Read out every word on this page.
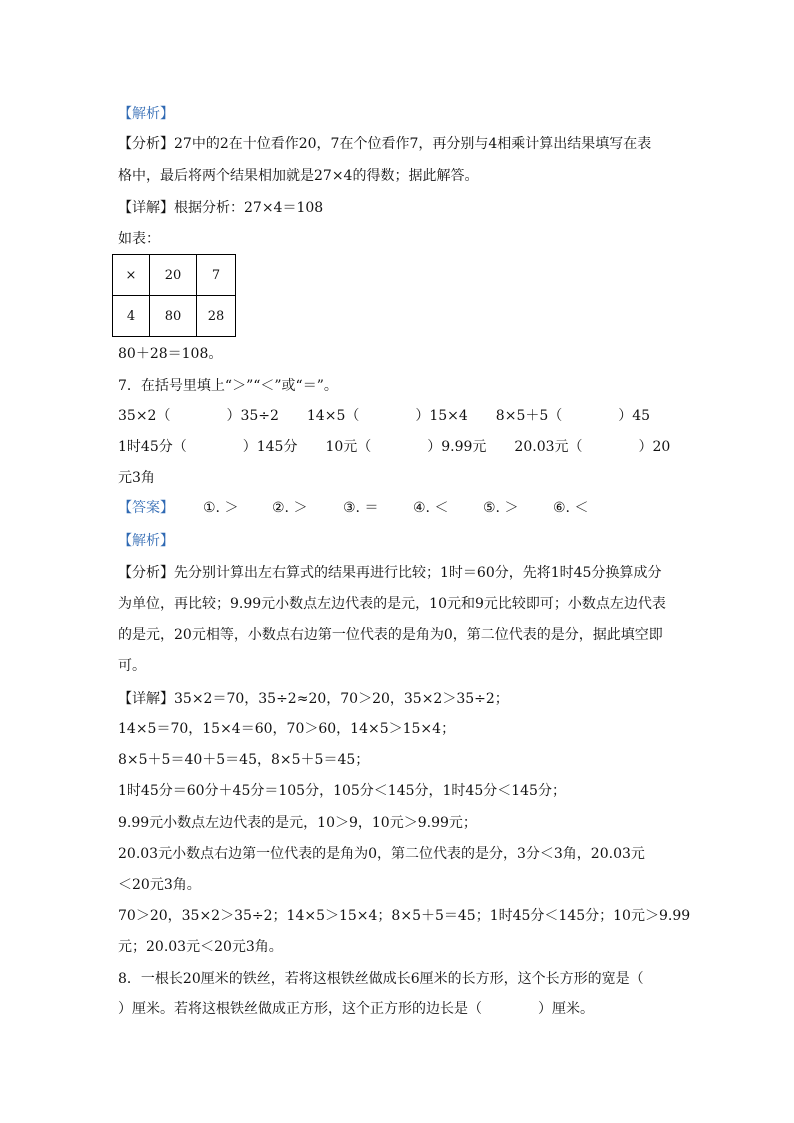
【解析】
【分析】27中的2在十位看作20，7在个位看作7，再分别与4相乘计算出结果填写在表
格中，最后将两个结果相加就是27×4的得数；据此解答。
【详解】根据分析：27×4＝108
如表：
×	20	7
4	80	28
80＋28＝108。
7．在括号里填上“＞”“＜”或“＝”。
35×2（　　　　）35÷2　　14×5（　　　　）15×4　　8×5＋5（　　　　）45
1时45分（　　　　）145分　　10元（　　　　）9.99元　　20.03元（　　　　）20
元3角
【答案】 ①. ＞ ②. ＞	③. ＝ ④. ＜ ⑤. ＞ ⑥. ＜
【解析】
【分析】先分别计算出左右算式的结果再进行比较；1时＝60分，先将1时45分换算成分
为单位，再比较；9.99元小数点左边代表的是元，10元和9元比较即可；小数点左边代表
的是元，20元相等，小数点右边第一位代表的是角为0，第二位代表的是分，据此填空即
可。
【详解】35×2＝70，35÷2≈20，70＞20，35×2＞35÷2；
14×5＝70，15×4＝60，70＞60，14×5＞15×4；
8×5＋5＝40＋5＝45，8×5＋5＝45；
1时45分＝60分＋45分＝105分，105分＜145分，1时45分＜145分；
9.99元小数点左边代表的是元，10＞9，10元＞9.99元；
20.03元小数点右边第一位代表的是角为0，第二位代表的是分，3分＜3角，20.03元
＜20元3角。
70＞20，35×2＞35÷2；14×5＞15×4；8×5＋5＝45；1时45分＜145分；10元＞9.99
元；20.03元＜20元3角。
8．一根长20厘米的铁丝，若将这根铁丝做成长6厘米的长方形，这个长方形的宽是（
）厘米。若将这根铁丝做成正方形，这个正方形的边长是（　　　　）厘米。
